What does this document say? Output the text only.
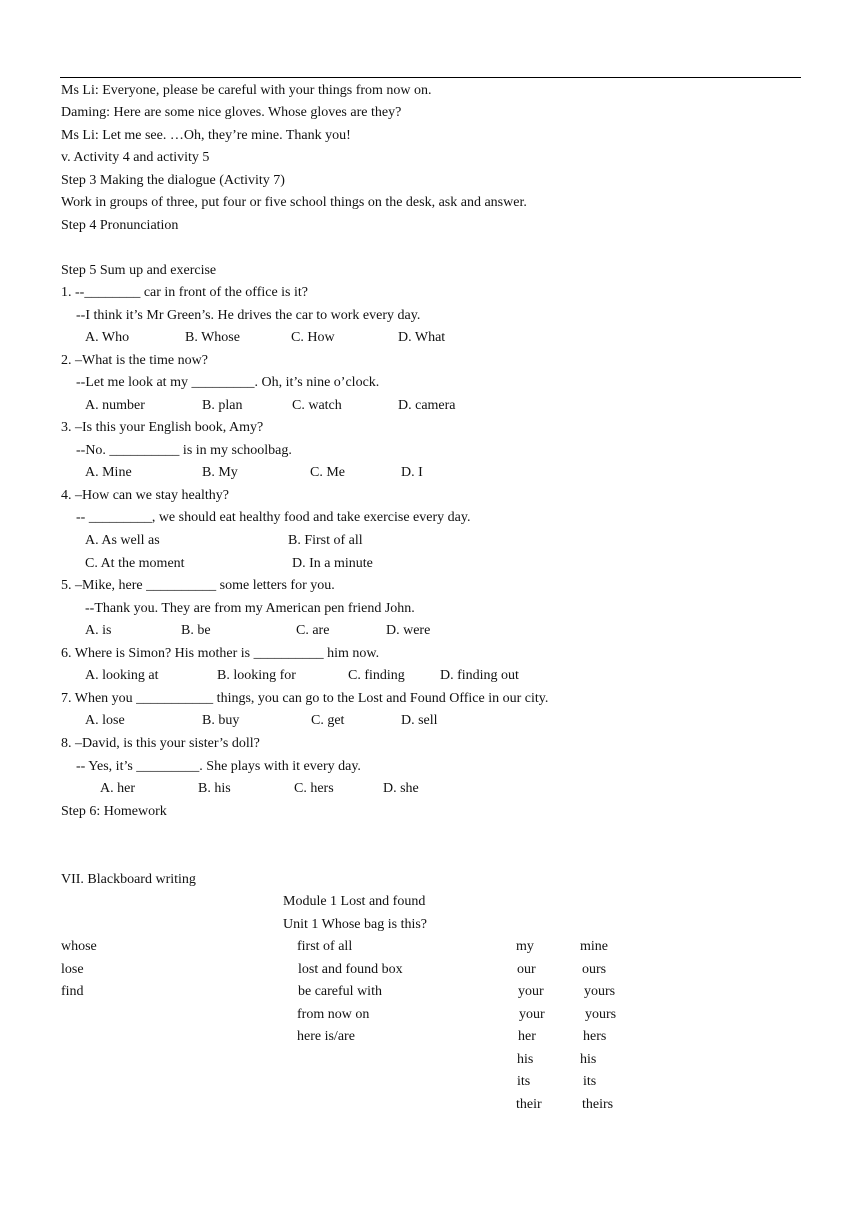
Ms Li: Everyone, please be careful with your things from now on.
Daming: Here are some nice gloves. Whose gloves are they?
Ms Li: Let me see. …Oh, they’re mine. Thank you!
v. Activity 4 and activity 5
Step 3 Making the dialogue (Activity 7)
Work in groups of three, put four or five school things on the desk, ask and answer.
Step 4 Pronunciation
Step 5 Sum up and exercise
1. --________ car in front of the office is it?
--I think it’s Mr Green’s. He drives the car to work every day.
A. Who	B. Whose	C. How	D. What
2. –What is the time now?
--Let me look at my _________. Oh, it’s nine o’clock.
A. number	B. plan	C. watch	D. camera
3. –Is this your English book, Amy?
--No. __________ is in my schoolbag.
A. Mine	B. My	C. Me	D. I
4. –How can we stay healthy?
-- _________, we should eat healthy food and take exercise every day.
A. As well as	B. First of all
C. At the moment	D. In a minute
5. –Mike, here __________ some letters for you.
--Thank you. They are from my American pen friend John.
A. is	B. be	C. are	D. were
6. Where is Simon? His mother is __________ him now.
A. looking at	B. looking for	C. finding	D. finding out
7. When you ___________ things, you can go to the Lost and Found Office in our city.
A. lose	B. buy	C. get	D. sell
8. –David, is this your sister’s doll?
-- Yes, it’s _________. She plays with it every day.
A. her	B. his	C. hers	D. she
Step 6: Homework
VII. Blackboard writing
Module 1 Lost and found
Unit 1 Whose bag is this?
whose
lose
find
first of all
lost and found box
be careful with
from now on
here is/are
my	mine
our	ours
your	yours
your	yours
her	hers
his	his
its	its
their	theirs
